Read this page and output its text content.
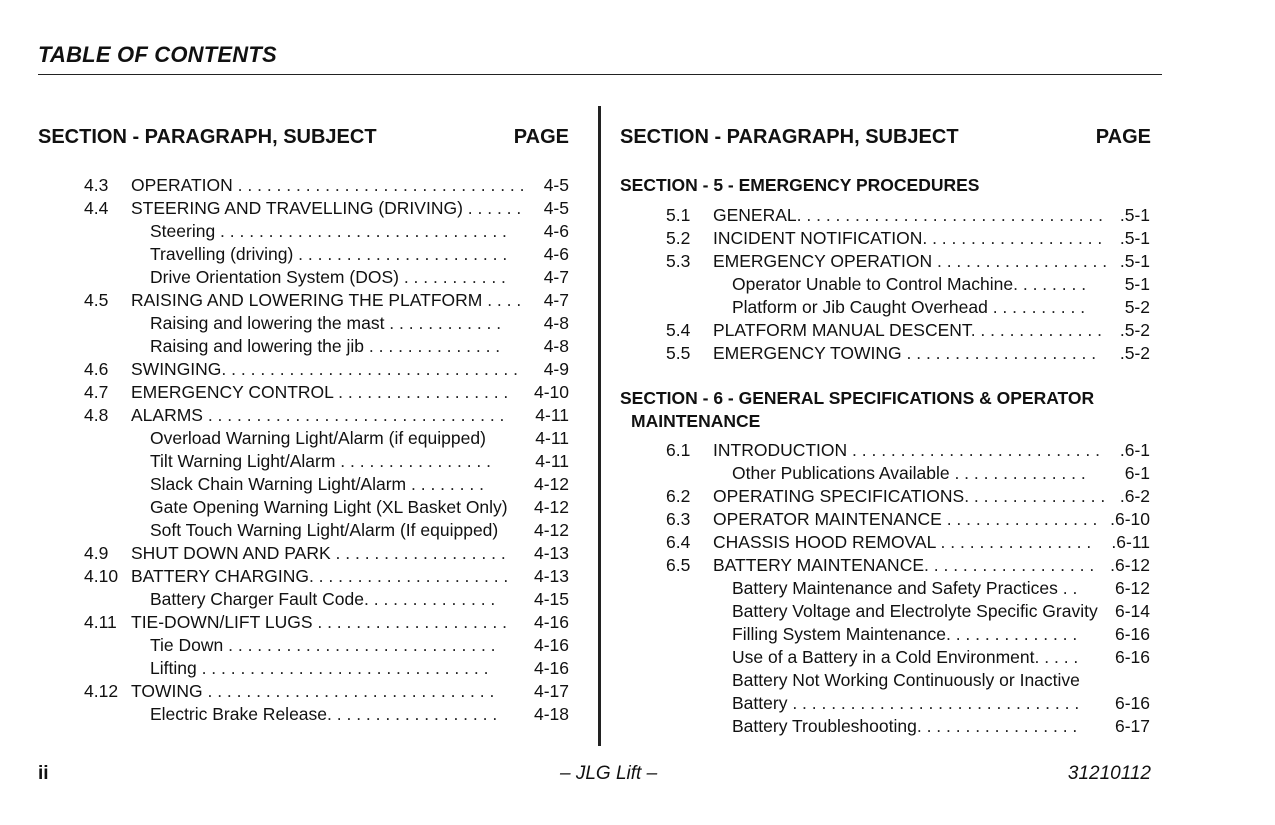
TABLE OF CONTENTS
SECTION - PARAGRAPH, SUBJECT	PAGE	SECTION - PARAGRAPH, SUBJECT	PAGE
4.3 OPERATION . . . . . . . . . . . . . . . . . . . . . . . . . . . . . . 4-5
4.4 STEERING AND TRAVELLING (DRIVING) . . . . . . 4-5
Steering . . . . . . . . . . . . . . . . . . . . . . . . . . . . . . 4-6
Travelling (driving) . . . . . . . . . . . . . . . . . . . . . . 4-6
Drive Orientation System (DOS) . . . . . . . . . . . 4-7
4.5 RAISING AND LOWERING THE PLATFORM . . . . 4-7
Raising and lowering the mast . . . . . . . . . . . . 4-8
Raising and lowering the jib . . . . . . . . . . . . . . 4-8
4.6 SWINGING. . . . . . . . . . . . . . . . . . . . . . . . . . . . . . . 4-9
4.7 EMERGENCY CONTROL . . . . . . . . . . . . . . . . . . 4-10
4.8 ALARMS . . . . . . . . . . . . . . . . . . . . . . . . . . . . . . . 4-11
Overload Warning Light/Alarm (if equipped)	4-11
Tilt Warning Light/Alarm . . . . . . . . . . . . . . . .	4-11
Slack Chain Warning Light/Alarm . . . . . . . .	4-12
Gate Opening Warning Light (XL Basket Only) 4-12
Soft Touch Warning Light/Alarm (If equipped) 4-12
4.9 SHUT DOWN AND PARK . . . . . . . . . . . . . . . . . . 4-13
4.10 BATTERY CHARGING. . . . . . . . . . . . . . . . . . . . . 4-13
Battery Charger Fault Code. . . . . . . . . . . . . . 4-15
4.11 TIE-DOWN/LIFT LUGS . . . . . . . . . . . . . . . . . . . . 4-16
Tie Down . . . . . . . . . . . . . . . . . . . . . . . . . . . . 4-16
Lifting . . . . . . . . . . . . . . . . . . . . . . . . . . . . . .	4-16
4.12 TOWING . . . . . . . . . . . . . . . . . . . . . . . . . . . . . . 4-17
Electric Brake Release. . . . . . . . . . . . . . . . . . 4-18
SECTION - 5 - EMERGENCY PROCEDURES
5.1 GENERAL. . . . . . . . . . . . . . . . . . . . . . . . . . . . . . . . .5-1
5.2 INCIDENT NOTIFICATION. . . . . . . . . . . . . . . . . . . .5-1
5.3 EMERGENCY OPERATION . . . . . . . . . . . . . . . . . . .5-1
Operator Unable to Control Machine. . . . . . . . 5-1
Platform or Jib Caught Overhead . . . . . . . . . . 5-2
5.4 PLATFORM MANUAL DESCENT. . . . . . . . . . . . . . .5-2
5.5 EMERGENCY TOWING . . . . . . . . . . . . . . . . . . . . .5-2
SECTION - 6 - GENERAL SPECIFICATIONS & OPERATOR
MAINTENANCE
6.1 INTRODUCTION . . . . . . . . . . . . . . . . . . . . . . . . . . .6-1
Other Publications Available . . . . . . . . . . . . . . 6-1
6.2 OPERATING SPECIFICATIONS. . . . . . . . . . . . . . . .6-2
6.3 OPERATOR MAINTENANCE . . . . . . . . . . . . . . . . .6-10
6.4 CHASSIS HOOD REMOVAL . . . . . . . . . . . . . . . . .6-11
6.5 BATTERY MAINTENANCE. . . . . . . . . . . . . . . . . . .6-12
Battery Maintenance and Safety Practices . . 6-12
Battery Voltage and Electrolyte Specific Gravity 6-14
Filling System Maintenance. . . . . . . . . . . . . . 6-16
Use of a Battery in a Cold Environment. . . . . 6-16
Battery Not Working Continuously or Inactive
Battery . . . . . . . . . . . . . . . . . . . . . . . . . . . . . . 6-16
Battery Troubleshooting. . . . . . . . . . . . . . . . . 6-17
ii	– JLG Lift –	31210112
